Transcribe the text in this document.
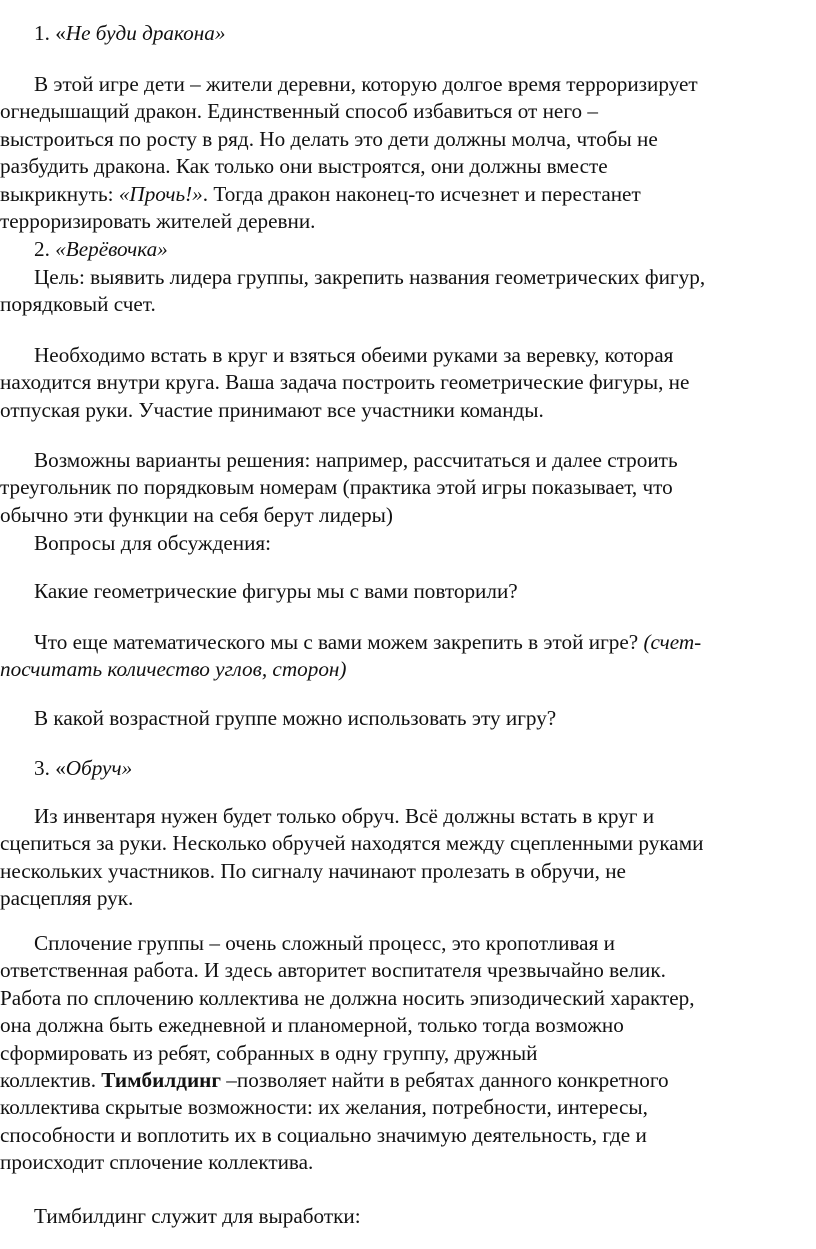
1. «Не буди дракона»

В этой игре дети – жители деревни, которую долгое время терроризирует
огнедышащий дракон. Единственный способ избавиться от него –
выстроиться по росту в ряд. Но делать это дети должны молча, чтобы не
разбудить дракона. Как только они выстроятся, они должны вместе
выкрикнуть: «Прочь!». Тогда дракон наконец-то исчезнет и перестанет
терроризировать жителей деревни.

2. «Верёвочка»

Цель: выявить лидера группы, закрепить названия геометрических фигур,
порядковый счет.

Необходимо встать в круг и взяться обеими руками за веревку, которая
находится внутри круга. Ваша задача построить геометрические фигуры, не
отпуская руки. Участие принимают все участники команды.

Возможны варианты решения: например, рассчитаться и далее строить
треугольник по порядковым номерам (практика этой игры показывает, что
обычно эти функции на себя берут лидеры)

Вопросы для обсуждения:

Какие геометрические фигуры мы с вами повторили?

Что еще математического мы с вами можем закрепить в этой игре? (счет-
посчитать количество углов, сторон)

В какой возрастной группе можно использовать эту игру?

3. «Обруч»

Из инвентаря нужен будет только обруч. Всё должны встать в круг и
сцепиться за руки. Несколько обручей находятся между сцепленными руками
нескольких участников. По сигналу начинают пролезать в обручи, не
расцепляя рук.

Сплочение группы – очень сложный процесс, это кропотливая и
ответственная работа. И здесь авторитет воспитателя чрезвычайно велик.
Работа по сплочению коллектива не должна носить эпизодический характер,
она должна быть ежедневной и планомерной, только тогда возможно
сформировать из ребят, собранных в одну группу, дружный
коллектив. Тимбилдинг –позволяет найти в ребятах данного конкретного
коллектива скрытые возможности: их желания, потребности, интересы,
способности и воплотить их в социально значимую деятельность, где и
происходит сплочение коллектива.

Тимбилдинг служит для выработки:
